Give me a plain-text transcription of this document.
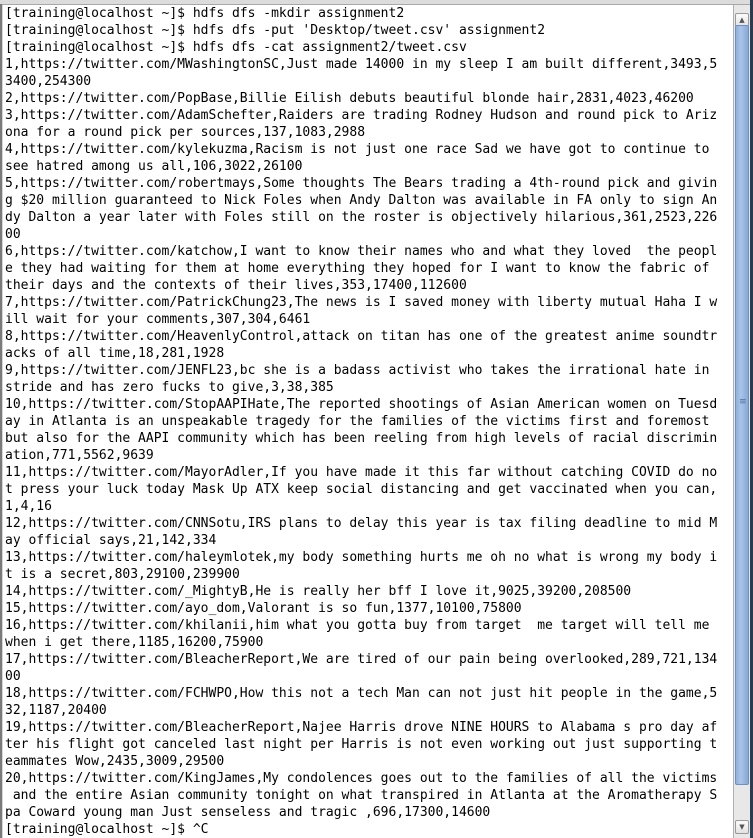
[training@localhost ~]$ hdfs dfs -mkdir assignment2
[training@localhost ~]$ hdfs dfs -put 'Desktop/tweet.csv' assignment2
[training@localhost ~]$ hdfs dfs -cat assignment2/tweet.csv
1,https://twitter.com/MWashingtonSC,Just made 14000 in my sleep I am built different,3493,5
3400,254300
2,https://twitter.com/PopBase,Billie Eilish debuts beautiful blonde hair,2831,4023,46200
3,https://twitter.com/AdamSchefter,Raiders are trading Rodney Hudson and round pick to Ariz
ona for a round pick per sources,137,1083,2988
4,https://twitter.com/kylekuzma,Racism is not just one race Sad we have got to continue to
see hatred among us all,106,3022,26100
5,https://twitter.com/robertmays,Some thoughts The Bears trading a 4th-round pick and givin
g $20 million guaranteed to Nick Foles when Andy Dalton was available in FA only to sign An
dy Dalton a year later with Foles still on the roster is objectively hilarious,361,2523,226
00
6,https://twitter.com/katchow,I want to know their names who and what they loved  the peopl
e they had waiting for them at home everything they hoped for I want to know the fabric of
their days and the contexts of their lives,353,17400,112600
7,https://twitter.com/PatrickChung23,The news is I saved money with liberty mutual Haha I w
ill wait for your comments,307,304,6461
8,https://twitter.com/HeavenlyControl,attack on titan has one of the greatest anime soundtr
acks of all time,18,281,1928
9,https://twitter.com/JENFL23,bc she is a badass activist who takes the irrational hate in
stride and has zero fucks to give,3,38,385
10,https://twitter.com/StopAAPIHate,The reported shootings of Asian American women on Tuesd
ay in Atlanta is an unspeakable tragedy for the families of the victims first and foremost
but also for the AAPI community which has been reeling from high levels of racial discrimin
ation,771,5562,9639
11,https://twitter.com/MayorAdler,If you have made it this far without catching COVID do no
t press your luck today Mask Up ATX keep social distancing and get vaccinated when you can,
1,4,16
12,https://twitter.com/CNNSotu,IRS plans to delay this year is tax filing deadline to mid M
ay official says,21,142,334
13,https://twitter.com/haleymlotek,my body something hurts me oh no what is wrong my body i
t is a secret,803,29100,239900
14,https://twitter.com/_MightyB,He is really her bff I love it,9025,39200,208500
15,https://twitter.com/ayo_dom,Valorant is so fun,1377,10100,75800
16,https://twitter.com/khilanii,him what you gotta buy from target  me target will tell me
when i get there,1185,16200,75900
17,https://twitter.com/BleacherReport,We are tired of our pain being overlooked,289,721,134
00
18,https://twitter.com/FCHWPO,How this not a tech Man can not just hit people in the game,5
32,1187,20400
19,https://twitter.com/BleacherReport,Najee Harris drove NINE HOURS to Alabama s pro day af
ter his flight got canceled last night per Harris is not even working out just supporting t
eammates Wow,2435,3009,29500
20,https://twitter.com/KingJames,My condolences goes out to the families of all the victims
and the entire Asian community tonight on what transpired in Atlanta at the Aromatherapy S
pa Coward young man Just senseless and tragic ,696,17300,14600
[training@localhost ~]$ ^C
▲
≡
▼
